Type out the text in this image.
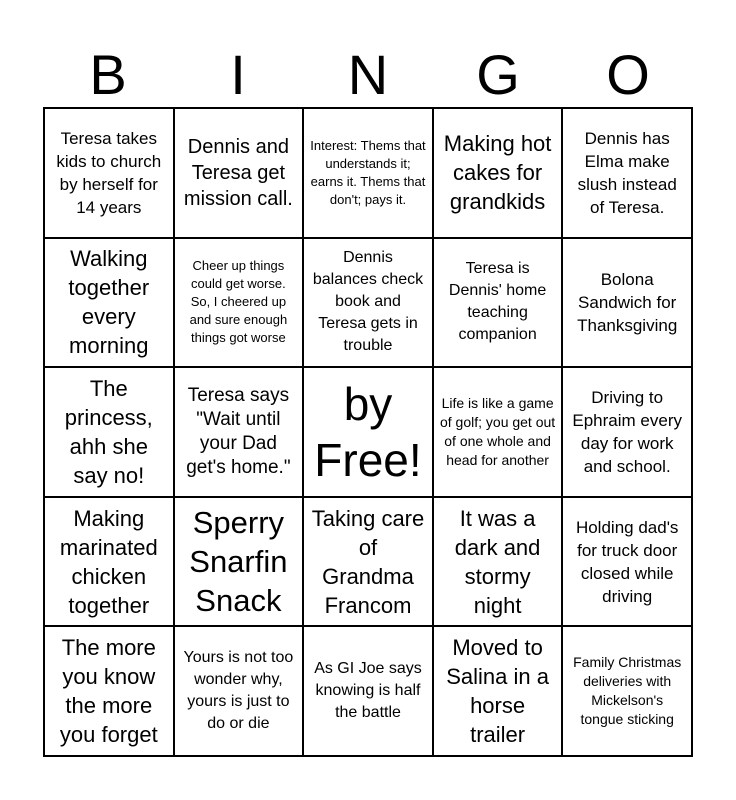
B	I	N	G	O
Teresa takes kids to church by herself for 14 years
Dennis and Teresa get mission call.
Interest: Thems that understands it; earns it. Thems that don't; pays it.
Making hot cakes for grandkids
Dennis has Elma make slush instead of Teresa.
Walking together every morning
Cheer up things could get worse. So, I cheered up and sure enough things got worse
Dennis balances check book and Teresa gets in trouble
Teresa is Dennis' home teaching companion
Bolona Sandwich for Thanksgiving
The princess, ahh she say no!
Teresa says "Wait until your Dad get's home."
by Free!
Life is like a game of golf; you get out of one whole and head for another
Driving to Ephraim every day for work and school.
Making marinated chicken together
Sperry Snarfin Snack
Taking care of Grandma Francom
It was a dark and stormy night
Holding dad's for truck door closed while driving
The more you know the more you forget
Yours is not too wonder why, yours is just to do or die
As GI Joe says knowing is half the battle
Moved to Salina in a horse trailer
Family Christmas deliveries with Mickelson's tongue sticking
